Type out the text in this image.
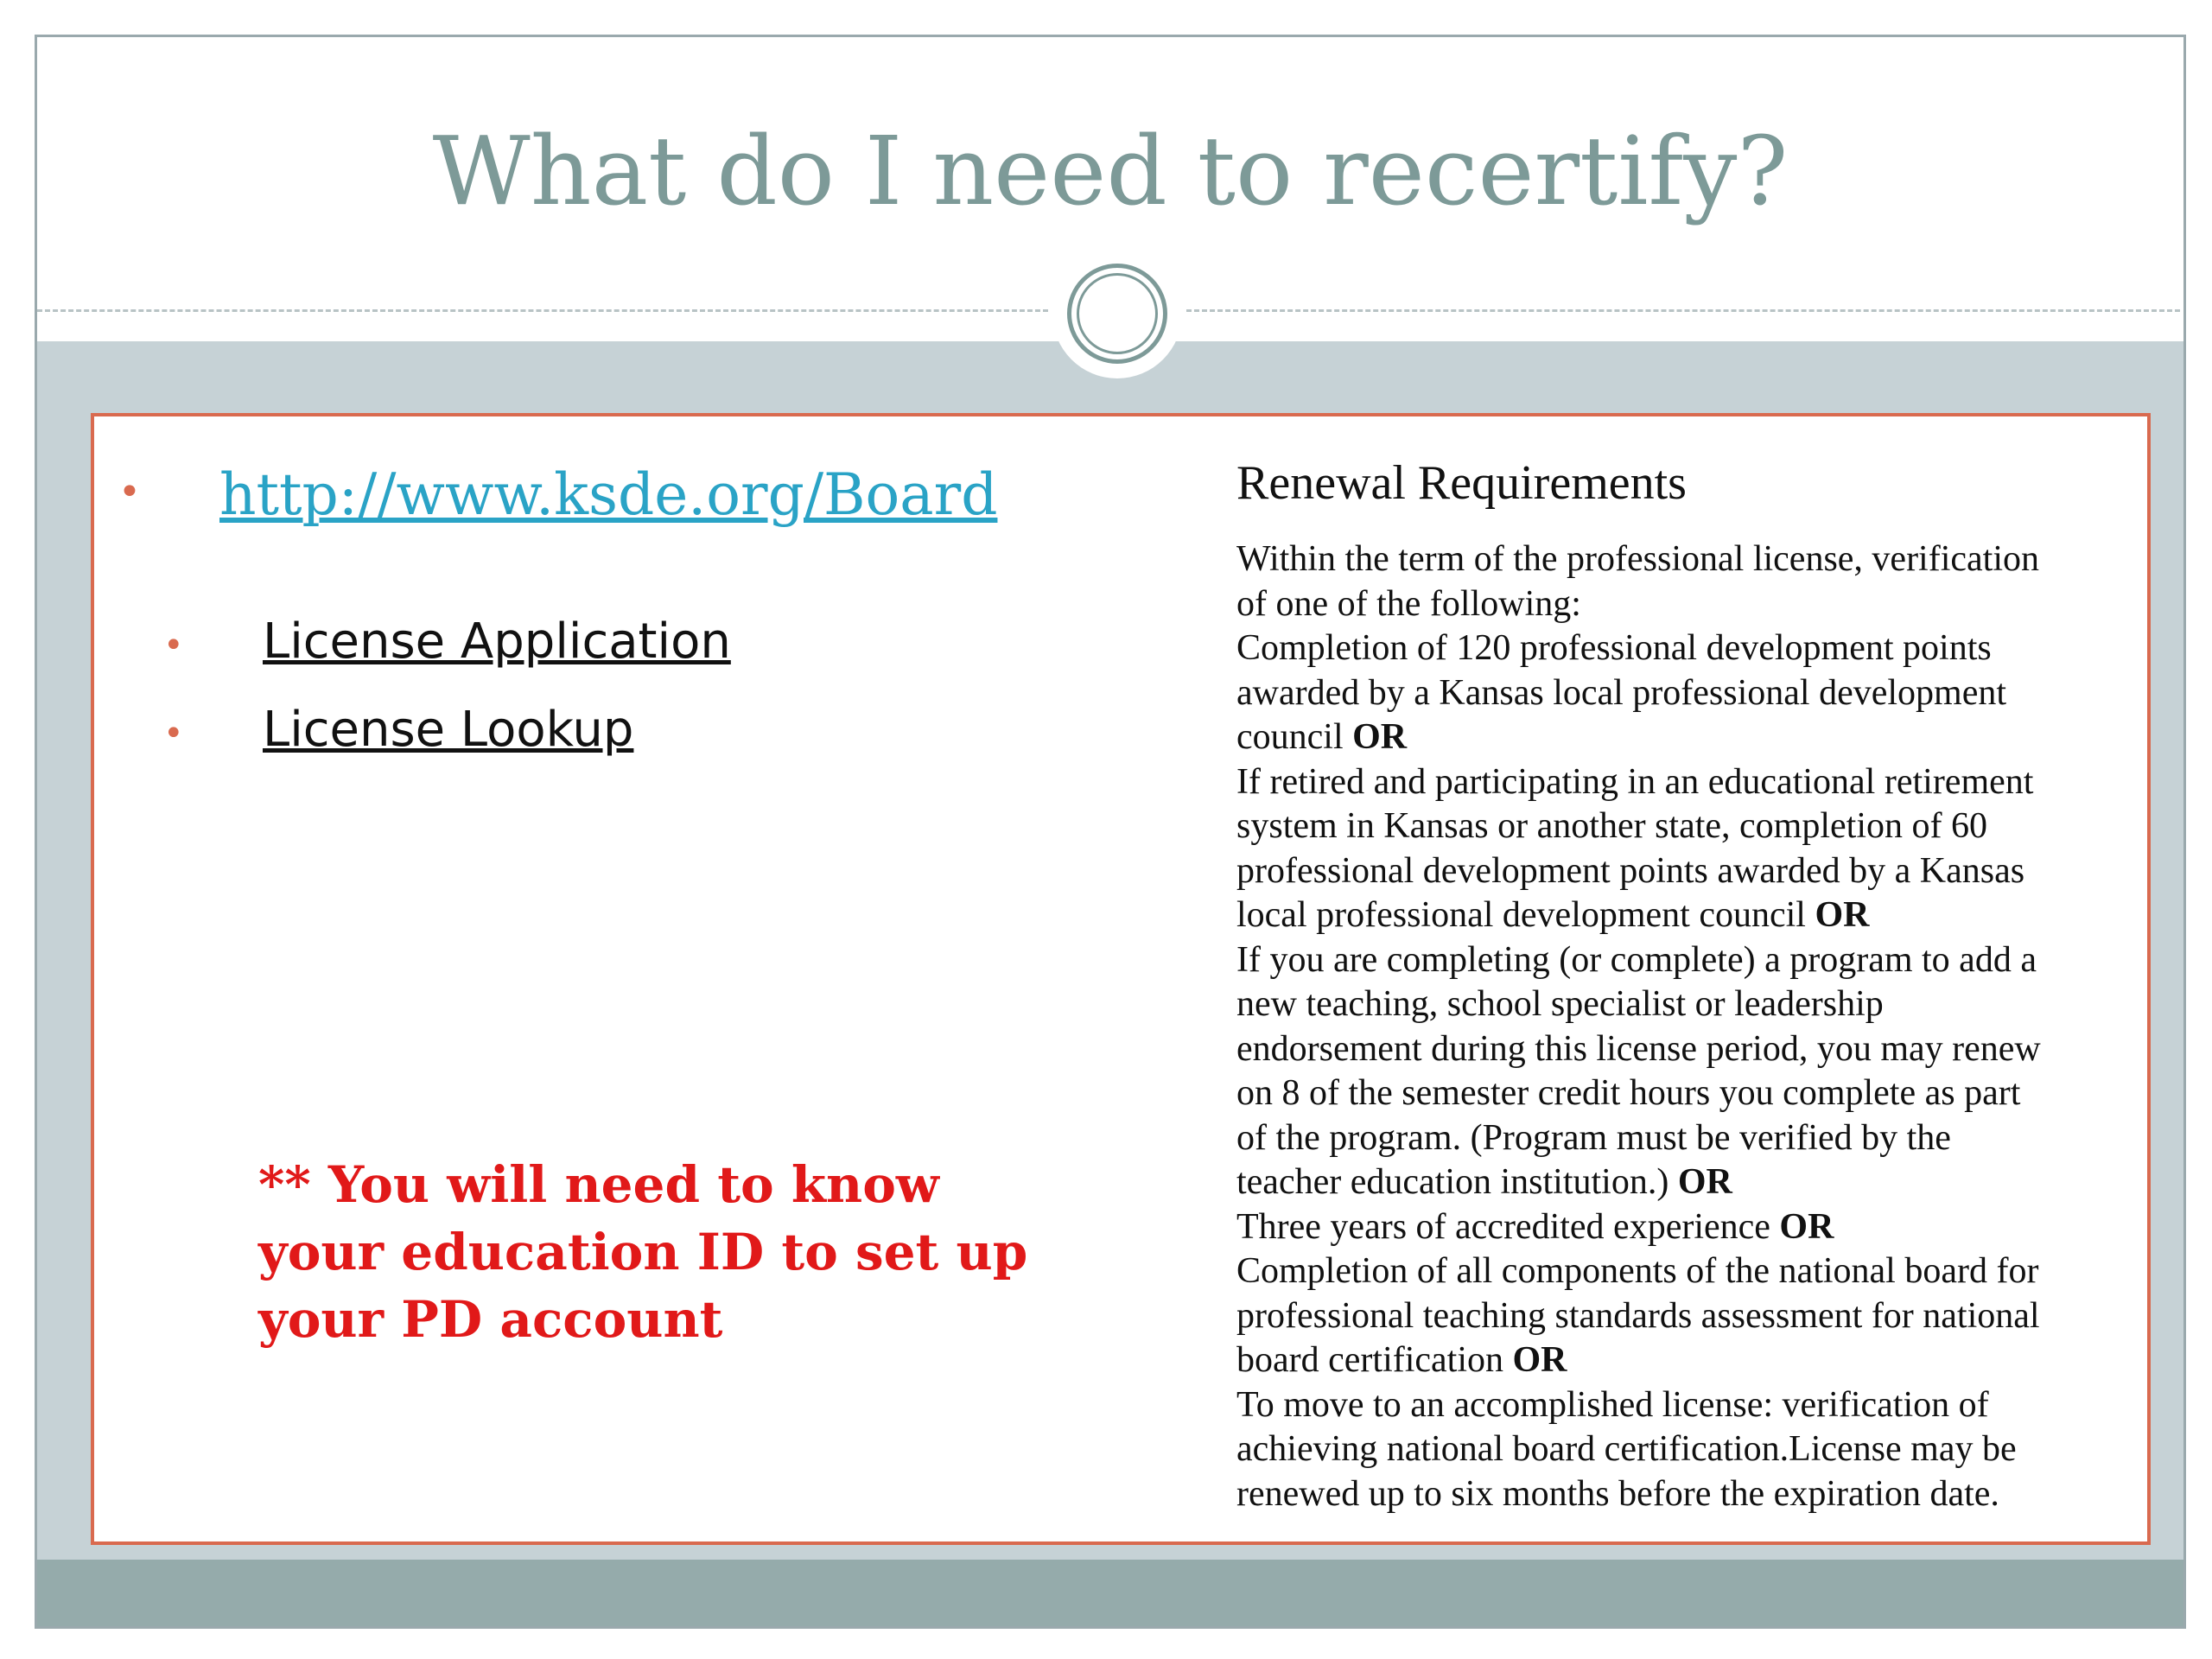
What do I need to recertify?
• http://www.ksde.org/Board
• License Application
• License Lookup
** You will need to know
your education ID to set up
your PD account
Renewal Requirements
Within the term of the professional license, verification
of one of the following:
Completion of 120 professional development points
awarded by a Kansas local professional development
council OR
If retired and participating in an educational retirement
system in Kansas or another state, completion of 60
professional development points awarded by a Kansas
local professional development council OR
If you are completing (or complete) a program to add a
new teaching, school specialist or leadership
endorsement during this license period, you may renew
on 8 of the semester credit hours you complete as part
of the program. (Program must be verified by the
teacher education institution.) OR
Three years of accredited experience OR
Completion of all components of the national board for
professional teaching standards assessment for national
board certification OR
To move to an accomplished license: verification of
achieving national board certification.License may be
renewed up to six months before the expiration date.
